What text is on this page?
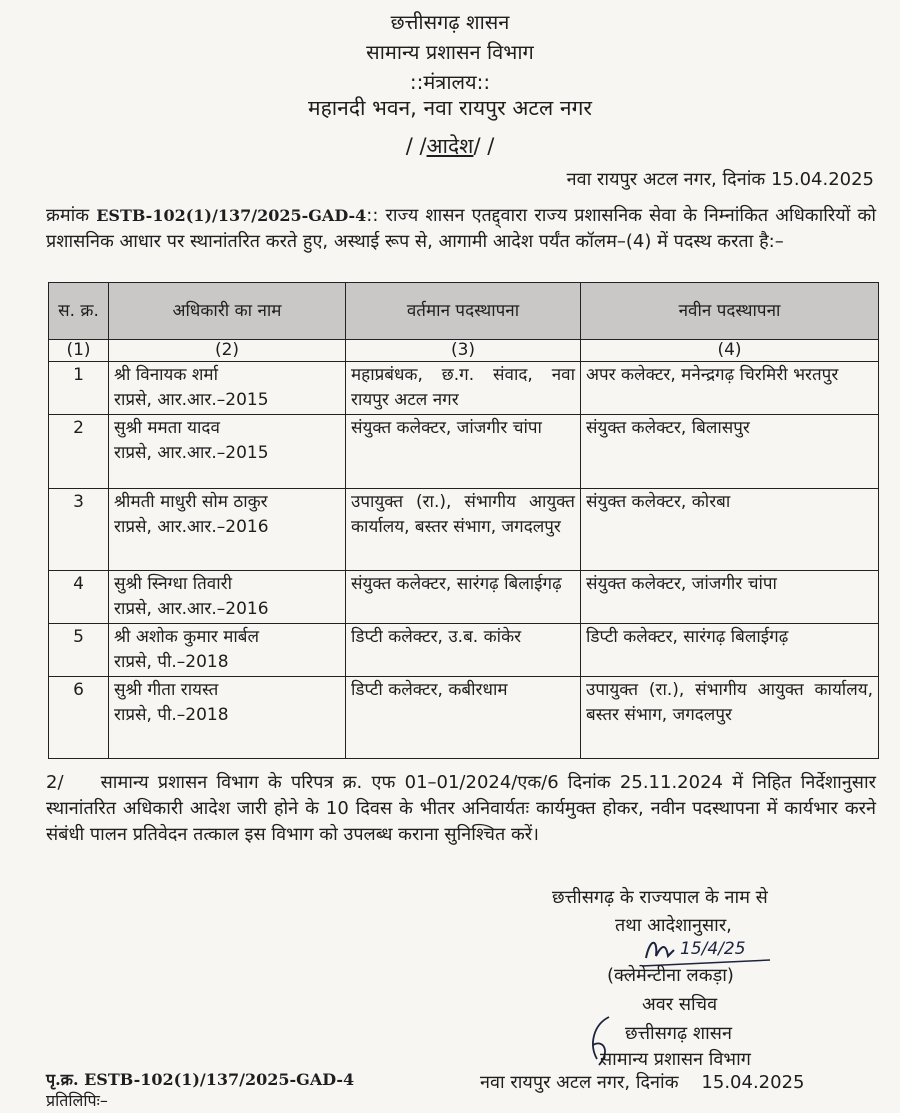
छत्तीसगढ़ शासन
सामान्य प्रशासन विभाग
::मंत्रालय::
महानदी भवन, नवा रायपुर अटल नगर
/ /आदेश/ /
नवा रायपुर अटल नगर, दिनांक 15.04.2025
क्रमांक ESTB-102(1)/137/2025-GAD-4:: राज्य शासन एतद्द्वारा राज्य प्रशासनिक सेवा के निम्नांकित अधिकारियों को प्रशासनिक आधार पर स्थानांतरित करते हुए, अस्थाई रूप से, आगामी आदेश पर्यंत कॉलम–(4) में पदस्थ करता है:–
स. क्र.	अधिकारी का नाम	वर्तमान पदस्थापना	नवीन पदस्थापना
(1)	(2)	(3)	(4)
1	श्री विनायक शर्मा
राप्रसे, आर.आर.–2015	महाप्रबंधक, छ.ग. संवाद, नवा रायपुर अटल नगर	अपर कलेक्टर, मनेन्द्रगढ़ चिरमिरी भरतपुर
2	सुश्री ममता यादव
राप्रसे, आर.आर.–2015	संयुक्त कलेक्टर, जांजगीर चांपा	संयुक्त कलेक्टर, बिलासपुर
3	श्रीमती माधुरी सोम ठाकुर
राप्रसे, आर.आर.–2016	उपायुक्त (रा.), संभागीय आयुक्त कार्यालय, बस्तर संभाग, जगदलपुर	संयुक्त कलेक्टर, कोरबा
4	सुश्री स्निग्धा तिवारी
राप्रसे, आर.आर.–2016	संयुक्त कलेक्टर, सारंगढ़ बिलाईगढ़	संयुक्त कलेक्टर, जांजगीर चांपा
5	श्री अशोक कुमार मार्बल
राप्रसे, पी.–2018	डिप्टी कलेक्टर, उ.ब. कांकेर	डिप्टी कलेक्टर, सारंगढ़ बिलाईगढ़
6	सुश्री गीता रायस्त
राप्रसे, पी.–2018	डिप्टी कलेक्टर, कबीरधाम	उपायुक्त (रा.), संभागीय आयुक्त कार्यालय, बस्तर संभाग, जगदलपुर
2/ सामान्य प्रशासन विभाग के परिपत्र क्र. एफ 01–01/2024/एक/6 दिनांक 25.11.2024 में निहित निर्देशानुसार स्थानांतरित अधिकारी आदेश जारी होने के 10 दिवस के भीतर अनिवार्यतः कार्यमुक्त होकर, नवीन पदस्थापना में कार्यभार करने संबंधी पालन प्रतिवेदन तत्काल इस विभाग को उपलब्ध कराना सुनिश्चित करें।
छत्तीसगढ़ के राज्यपाल के नाम से
तथा आदेशानुसार,
15/4/25
(क्लेमेन्टीना लकड़ा)
अवर सचिव
छत्तीसगढ़ शासन
सामान्य प्रशासन विभाग
पृ.क्र. ESTB-102(1)/137/2025-GAD-4	नवा रायपुर अटल नगर, दिनांक 15.04.2025
प्रतिलिपिः–
